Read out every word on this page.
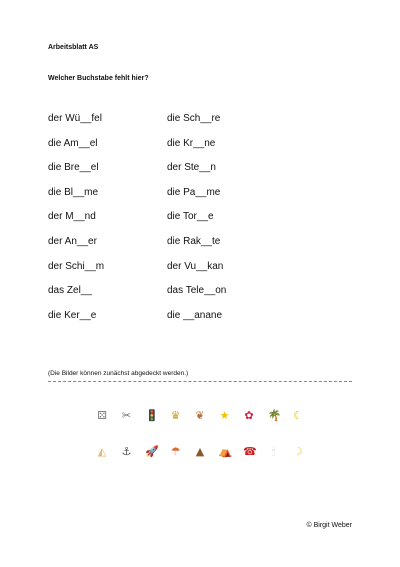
Arbeitsblatt AS
Welcher Buchstabe fehlt hier?
der Wü__fel	die Sch__re
die Am__el	die Kr__ne
die Bre__el	der Ste__n
die Bl__me	die Pa__me
der M__nd	die Tor__e
der An__er	die Rak__te
der Schi__m	der Vu__kan
das Zel__	das Tele__on
die Ker__e	die __anane
(Die Bilder können zunächst abgedeckt werden.)
⚄ ✂ 🚦 ♛ ❦ ★ ✿ 🌴 ☾
◭ ⚓ 🚀 ☂ ▲ ⛺ ☎	🕯	☽
© Birgit Weber
